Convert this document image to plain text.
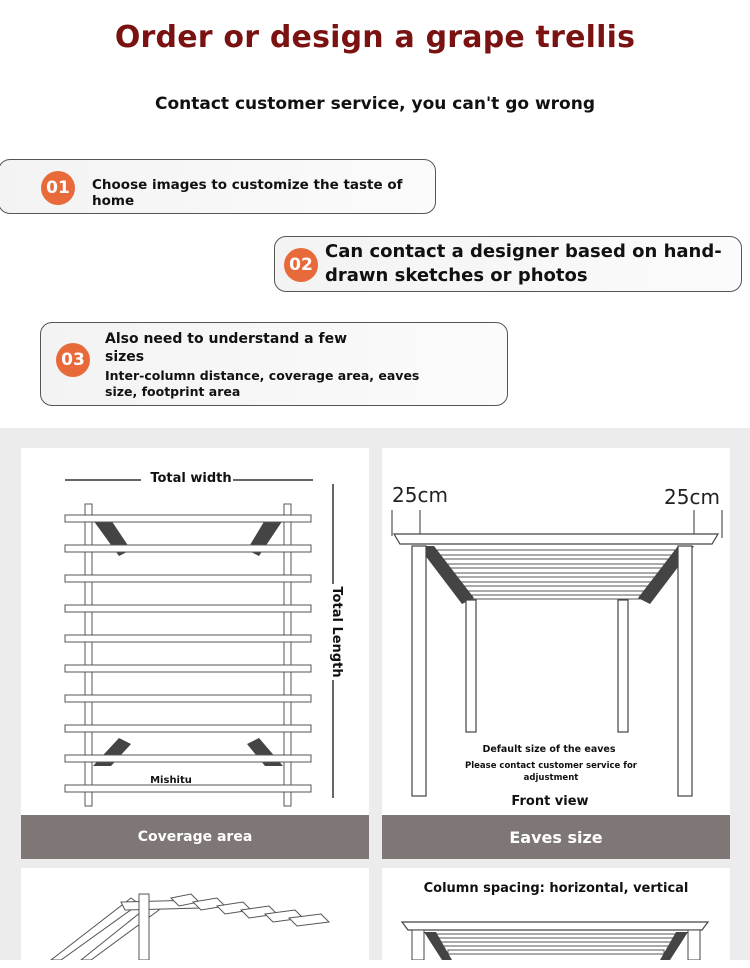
Order or design a grape trellis
Contact customer service, you can't go wrong
01	Choose images to customize the taste of home
02
Can contact a designer based on hand-drawn sketches or photos
03
Also need to understand a few sizes
Inter-column distance, coverage area, eaves size, footprint area
Total width
Total Length
Mishitu
Coverage area
25cm	25cm
Default size of the eaves
Please contact customer service for adjustment
Front view
Eaves size
Column spacing: horizontal, vertical
